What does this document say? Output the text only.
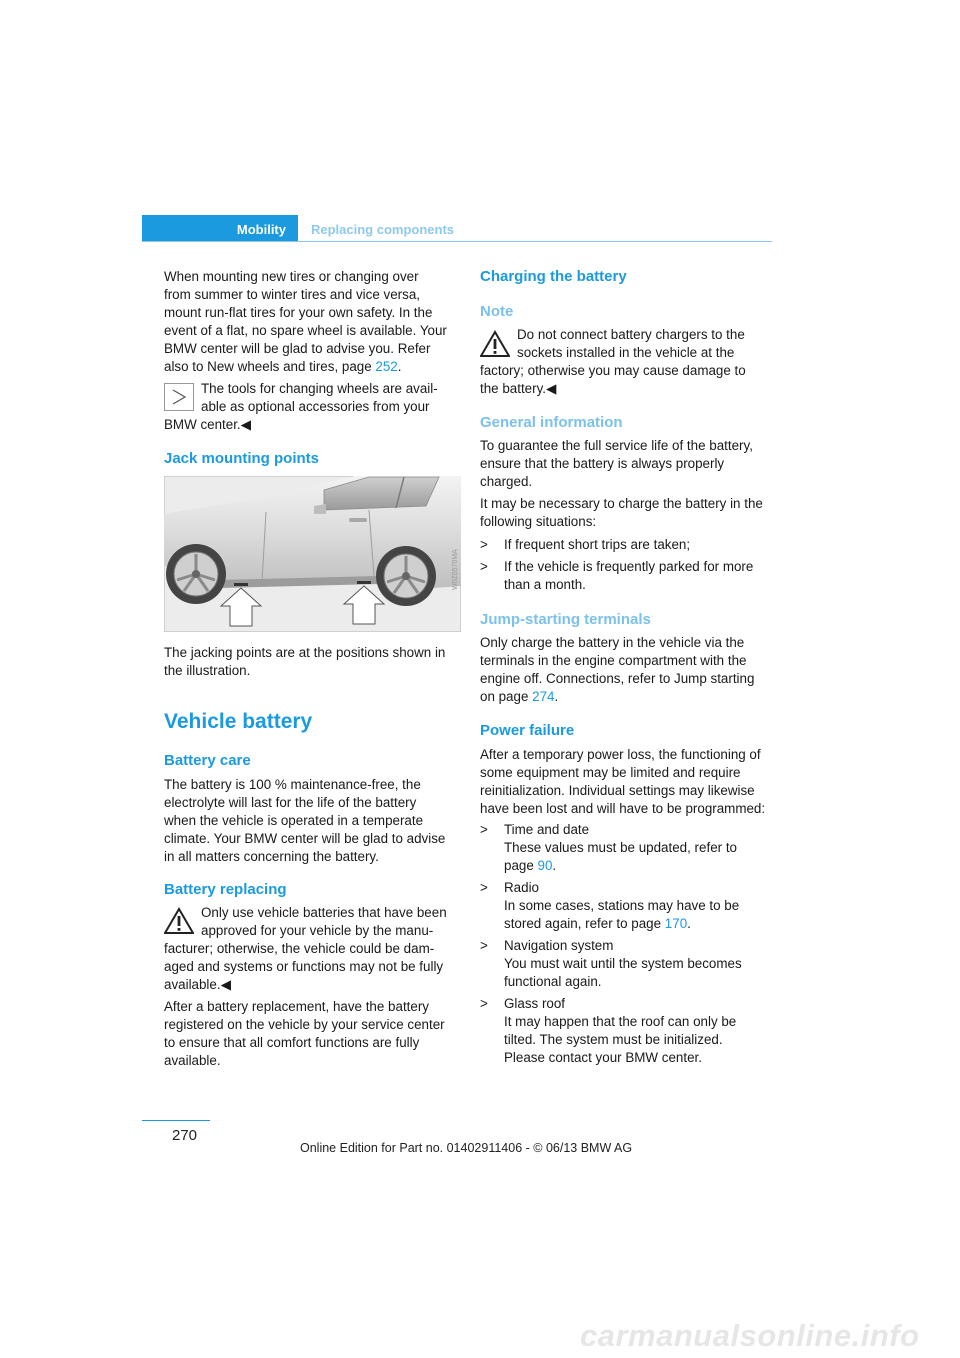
Mobility Replacing components

When mounting new tires or changing over

from summer to winter tires and vice versa,

mount run-flat tires for your own safety. In the

event of a flat, no spare wheel is available. Your

BMW center will be glad to advise you. Refer

also to New wheels and tires, page 252.

The tools for changing wheels are avail-

able as optional accessories from your

BMW center.◀

Jack mounting points
W0Z0570MA

The jacking points are at the positions shown in

the illustration.

Vehicle battery
Battery care

The battery is 100 % maintenance-free, the

electrolyte will last for the life of the battery

when the vehicle is operated in a temperate

climate. Your BMW center will be glad to advise

in all matters concerning the battery.

Battery replacing

Only use vehicle batteries that have been

approved for your vehicle by the manu-

facturer; otherwise, the vehicle could be dam-

aged and systems or functions may not be fully

available.◀

After a battery replacement, have the battery

registered on the vehicle by your service center

to ensure that all comfort functions are fully

available.

Charging the battery
Note

Do not connect battery chargers to the

sockets installed in the vehicle at the

factory; otherwise you may cause damage to

the battery.◀

General information

To guarantee the full service life of the battery,

ensure that the battery is always properly

charged.

It may be necessary to charge the battery in the

following situations:

> If frequent short trips are taken;

> If the vehicle is frequently parked for more

than a month.

Jump-starting terminals

Only charge the battery in the vehicle via the

terminals in the engine compartment with the

engine off. Connections, refer to Jump starting

on page 274.

Power failure

After a temporary power loss, the functioning of

some equipment may be limited and require

reinitialization. Individual settings may likewise

have been lost and will have to be programmed:

> Time and date

These values must be updated, refer to

page 90.

> Radio

In some cases, stations may have to be

stored again, refer to page 170.

> Navigation system

You must wait until the system becomes

functional again.

> Glass roof

It may happen that the roof can only be

tilted. The system must be initialized.

Please contact your BMW center.

270
Online Edition for Part no. 01402911406 - © 06/13 BMW AG
carmanualsonline.info
